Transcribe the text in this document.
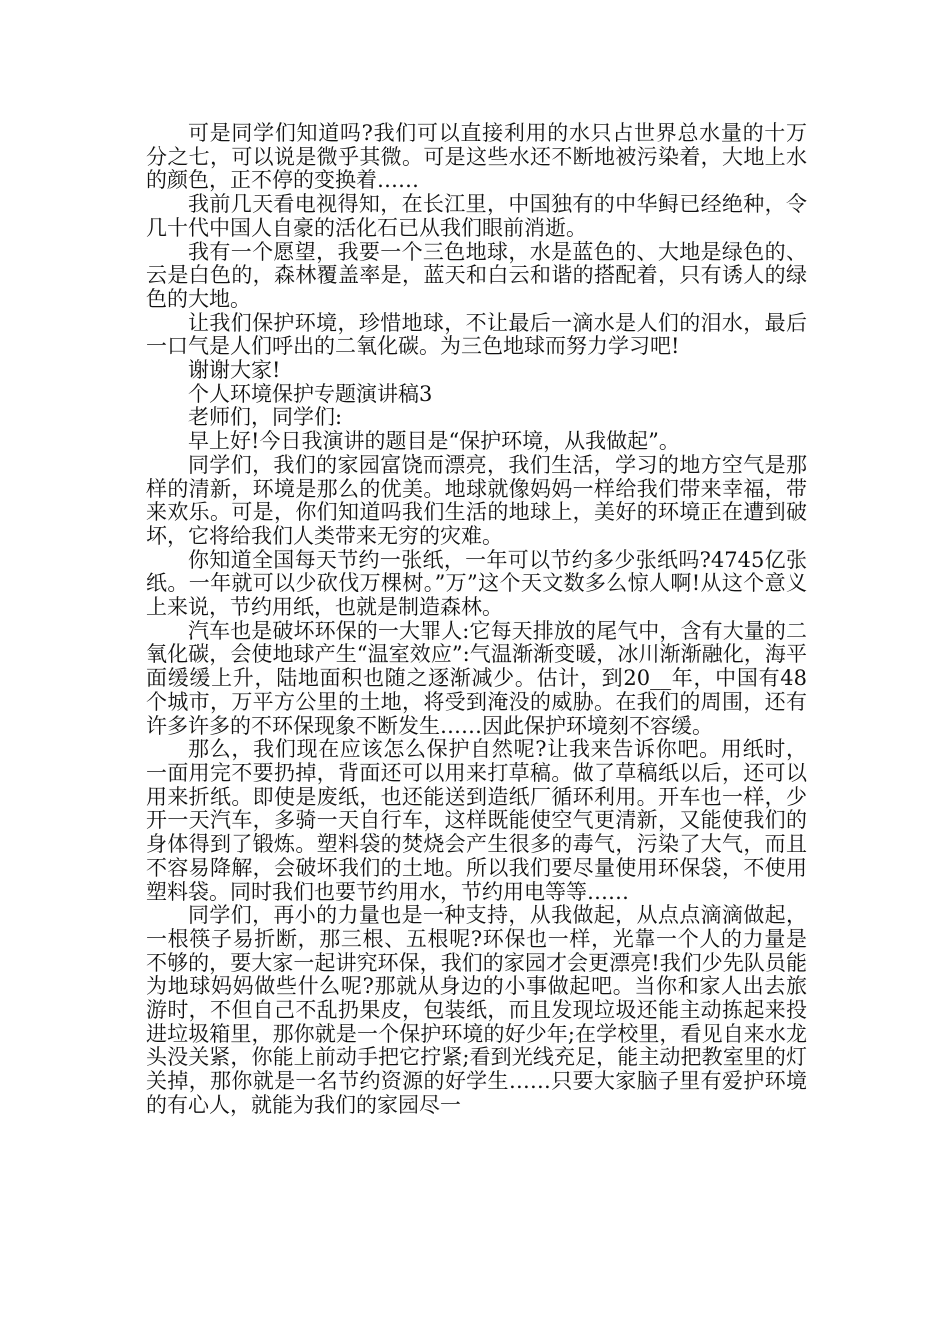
可是同学们知道吗?我们可以直接利用的水只占世界总水量的十万分之七，可以说是微乎其微。可是这些水还不断地被污染着，大地上水的颜色，正不停的变换着……

我前几天看电视得知，在长江里，中国独有的中华鲟已经绝种，令几十代中国人自豪的活化石已从我们眼前消逝。

我有一个愿望，我要一个三色地球，水是蓝色的、大地是绿色的、云是白色的，森林覆盖率是，蓝天和白云和谐的搭配着，只有诱人的绿色的大地。

让我们保护环境，珍惜地球，不让最后一滴水是人们的泪水，最后一口气是人们呼出的二氧化碳。为三色地球而努力学习吧!

谢谢大家!

个人环境保护专题演讲稿3

老师们，同学们:

早上好!今日我演讲的题目是“保护环境，从我做起”。

同学们，我们的家园富饶而漂亮，我们生活，学习的地方空气是那样的清新，环境是那么的优美。地球就像妈妈一样给我们带来幸福，带来欢乐。可是，你们知道吗我们生活的地球上，美好的环境正在遭到破坏，它将给我们人类带来无穷的灾难。

你知道全国每天节约一张纸，一年可以节约多少张纸吗?4745亿张纸。一年就可以少砍伐万棵树。”万”这个天文数多么惊人啊!从这个意义上来说，节约用纸，也就是制造森林。

汽车也是破坏环保的一大罪人:它每天排放的尾气中，含有大量的二氧化碳，会使地球产生“温室效应”:气温渐渐变暖，冰川渐渐融化，海平面缓缓上升，陆地面积也随之逐渐减少。估计，到20__年，中国有48个城市，万平方公里的土地，将受到淹没的威胁。在我们的周围，还有许多许多的不环保现象不断发生……因此保护环境刻不容缓。

那么，我们现在应该怎么保护自然呢?让我来告诉你吧。用纸时，一面用完不要扔掉，背面还可以用来打草稿。做了草稿纸以后，还可以用来折纸。即使是废纸，也还能送到造纸厂循环利用。开车也一样，少开一天汽车，多骑一天自行车，这样既能使空气更清新，又能使我们的身体得到了锻炼。塑料袋的焚烧会产生很多的毒气，污染了大气，而且不容易降解，会破坏我们的土地。所以我们要尽量使用环保袋，不使用塑料袋。同时我们也要节约用水，节约用电等等……

同学们，再小的力量也是一种支持，从我做起，从点点滴滴做起，一根筷子易折断，那三根、五根呢?环保也一样，光靠一个人的力量是不够的，要大家一起讲究环保，我们的家园才会更漂亮!我们少先队员能为地球妈妈做些什么呢?那就从身边的小事做起吧。当你和家人出去旅游时，不但自己不乱扔果皮，包装纸，而且发现垃圾还能主动拣起来投进垃圾箱里，那你就是一个保护环境的好少年;在学校里，看见自来水龙头没关紧，你能上前动手把它拧紧;看到光线充足，能主动把教室里的灯关掉，那你就是一名节约资源的好学生……只要大家脑子里有爱护环境的有心人，就能为我们的家园尽一
